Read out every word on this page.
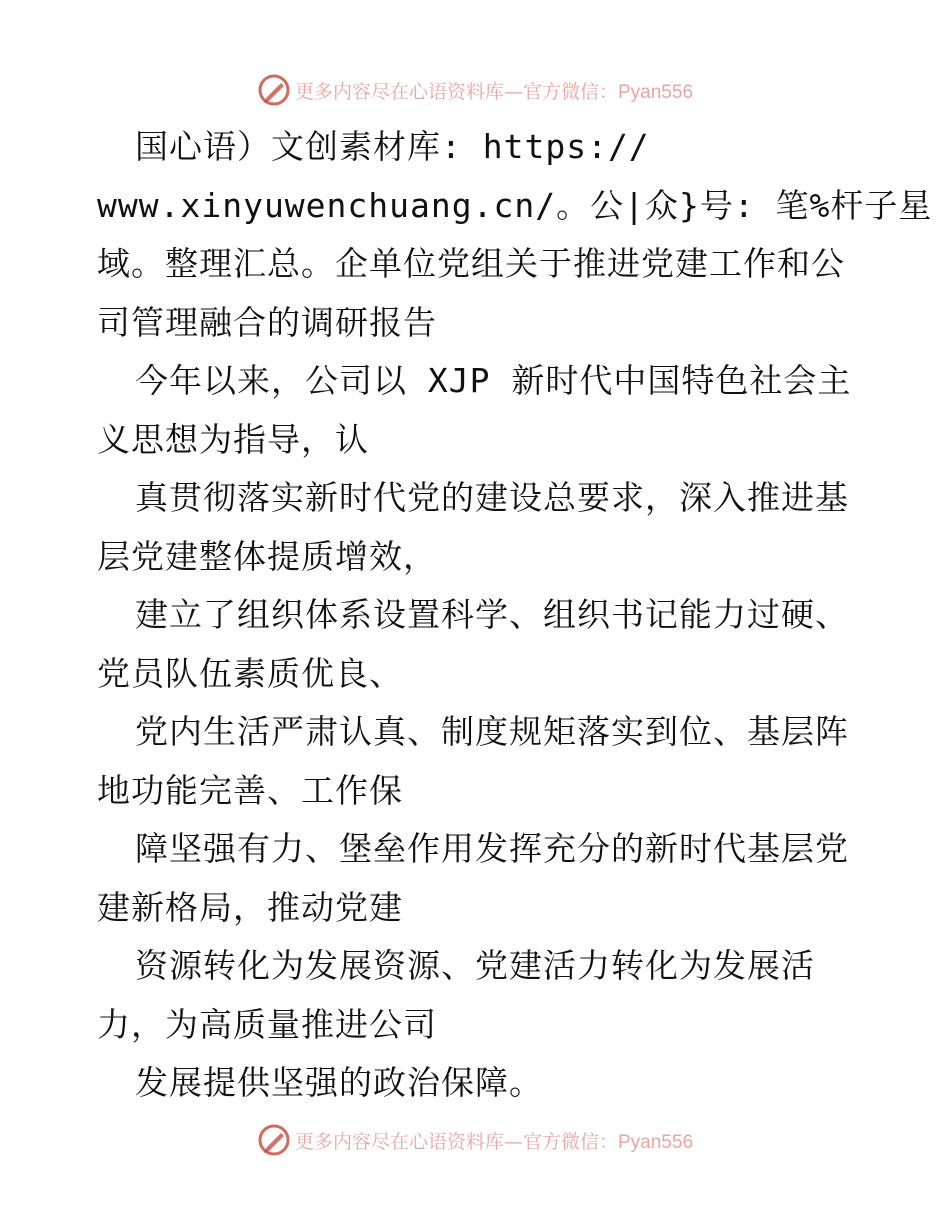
更多内容尽在心语资料库—官方微信：Pyan556
国心语）文创素材库: https://
www.xinyuwenchuang.cn/。公|众}号: 笔%杆子星
域。整理汇总。企单位党组关于推进党建工作和公
司管理融合的调研报告
今年以来，公司以 XJP 新时代中国特色社会主
义思想为指导，认
真贯彻落实新时代党的建设总要求，深入推进基
层党建整体提质增效，
建立了组织体系设置科学、组织书记能力过硬、
党员队伍素质优良、
党内生活严肃认真、制度规矩落实到位、基层阵
地功能完善、工作保
障坚强有力、堡垒作用发挥充分的新时代基层党
建新格局，推动党建
资源转化为发展资源、党建活力转化为发展活
力，为高质量推进公司
发展提供坚强的政治保障。
更多内容尽在心语资料库—官方微信：Pyan556
